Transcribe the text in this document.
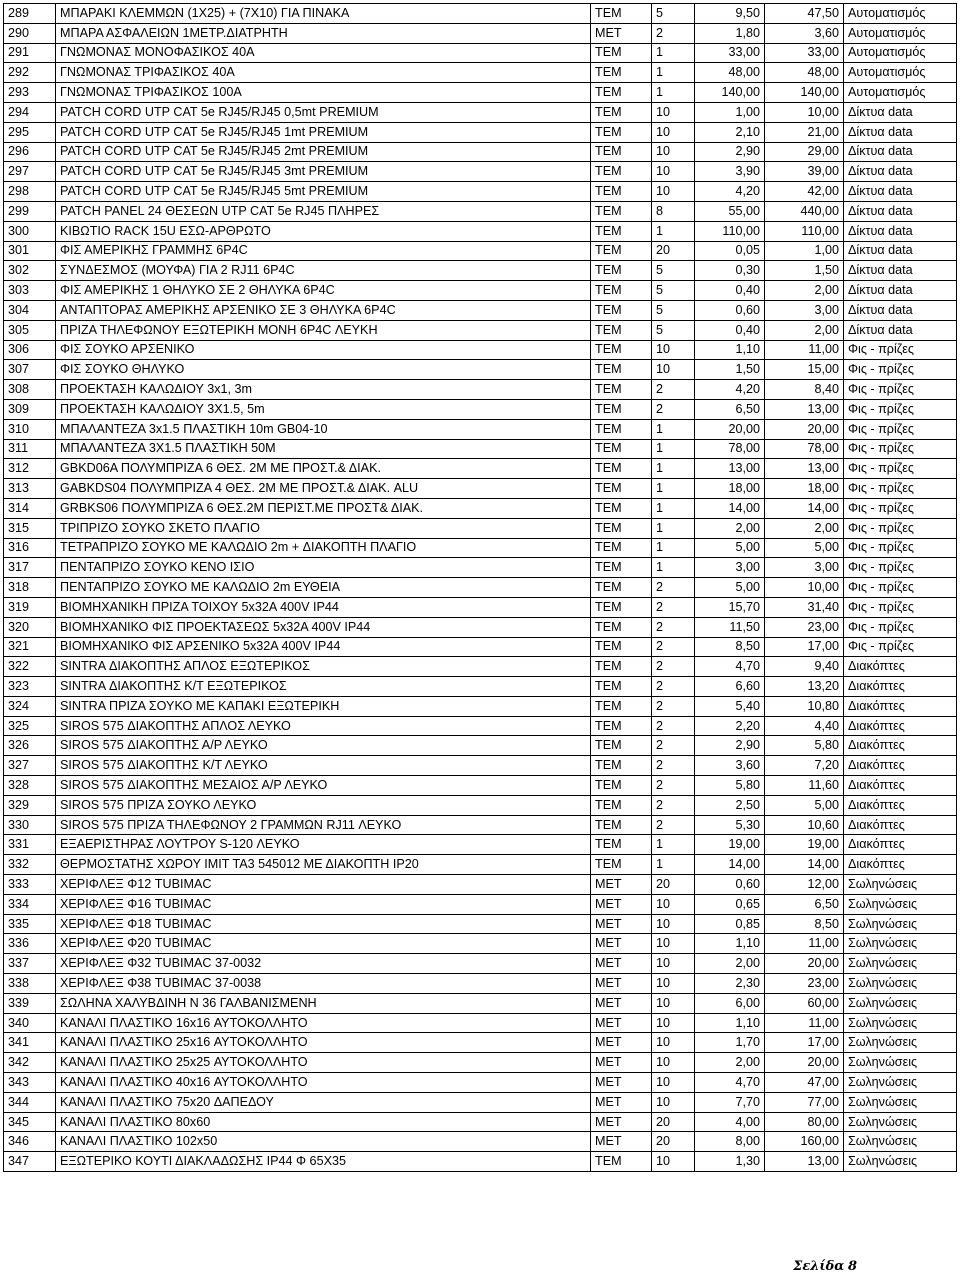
289	ΜΠΑΡΑΚΙ ΚΛΕΜΜΩΝ (1Χ25) + (7Χ10) ΓΙΑ ΠΙΝΑΚΑ	ΤΕΜ	5	9,50	47,50	Αυτοματισμός
290	ΜΠΑΡΑ ΑΣΦΑΛΕΙΩΝ 1ΜΕΤΡ.ΔΙΑΤΡΗΤΗ	ΜΕΤ	2	1,80	3,60	Αυτοματισμός
291	ΓΝΩΜΟΝΑΣ ΜΟΝΟΦΑΣΙΚΟΣ 40Α	ΤΕΜ	1	33,00	33,00	Αυτοματισμός
292	ΓΝΩΜΟΝΑΣ ΤΡΙΦΑΣΙΚΟΣ 40Α	ΤΕΜ	1	48,00	48,00	Αυτοματισμός
293	ΓΝΩΜΟΝΑΣ ΤΡΙΦΑΣΙΚΟΣ 100Α	ΤΕΜ	1	140,00	140,00	Αυτοματισμός
294	PATCH CORD UTP CAT 5e RJ45/RJ45 0,5mt PREMIUM	ΤΕΜ	10	1,00	10,00	Δίκτυα data
295	PATCH CORD UTP CAT 5e RJ45/RJ45 1mt PREMIUM	ΤΕΜ	10	2,10	21,00	Δίκτυα data
296	PATCH CORD UTP CAT 5e RJ45/RJ45 2mt PREMIUM	ΤΕΜ	10	2,90	29,00	Δίκτυα data
297	PATCH CORD UTP CAT 5e RJ45/RJ45 3mt PREMIUM	ΤΕΜ	10	3,90	39,00	Δίκτυα data
298	PATCH CORD UTP CAT 5e RJ45/RJ45 5mt PREMIUM	ΤΕΜ	10	4,20	42,00	Δίκτυα data
299	PATCH PANEL 24 ΘΕΣΕΩΝ UTP CAT 5e RJ45 ΠΛΗΡΕΣ	ΤΕΜ	8	55,00	440,00	Δίκτυα data
300	ΚΙΒΩΤΙΟ RACK 15U ΕΣΩ-ΑΡΘΡΩΤΟ	ΤΕΜ	1	110,00	110,00	Δίκτυα data
301	ΦΙΣ ΑΜΕΡΙΚΗΣ ΓΡΑΜΜΗΣ 6P4C	ΤΕΜ	20	0,05	1,00	Δίκτυα data
302	ΣΥΝΔΕΣΜΟΣ (ΜΟΥΦΑ) ΓΙΑ 2 RJ11 6P4C	ΤΕΜ	5	0,30	1,50	Δίκτυα data
303	ΦΙΣ ΑΜΕΡΙΚΗΣ 1 ΘΗΛΥΚΟ ΣΕ 2 ΘΗΛΥΚΑ 6P4C	ΤΕΜ	5	0,40	2,00	Δίκτυα data
304	ΑΝΤΑΠΤΟΡΑΣ ΑΜΕΡΙΚΗΣ ΑΡΣΕΝΙΚΟ ΣΕ 3 ΘΗΛΥΚΑ 6P4C	ΤΕΜ	5	0,60	3,00	Δίκτυα data
305	ΠΡΙΖΑ ΤΗΛΕΦΩΝΟΥ ΕΞΩΤΕΡΙΚΗ ΜΟΝΗ 6P4C ΛΕΥΚΗ	ΤΕΜ	5	0,40	2,00	Δίκτυα data
306	ΦΙΣ ΣΟΥΚΟ ΑΡΣΕΝΙΚΟ	ΤΕΜ	10	1,10	11,00	Φις - πρίζες
307	ΦΙΣ ΣΟΥΚΟ ΘΗΛΥΚΟ	ΤΕΜ	10	1,50	15,00	Φις - πρίζες
308	ΠΡΟΕΚΤΑΣΗ ΚΑΛΩΔΙΟΥ 3x1, 3m	ΤΕΜ	2	4,20	8,40	Φις - πρίζες
309	ΠΡΟΕΚΤΑΣΗ ΚΑΛΩΔΙΟΥ 3Χ1.5, 5m	ΤΕΜ	2	6,50	13,00	Φις - πρίζες
310	ΜΠΑΛΑΝΤΕΖΑ 3x1.5 ΠΛΑΣΤΙΚΗ 10m GB04-10	ΤΕΜ	1	20,00	20,00	Φις - πρίζες
311	ΜΠΑΛΑΝΤΕΖΑ 3Χ1.5 ΠΛΑΣΤΙΚΗ 50Μ	ΤΕΜ	1	78,00	78,00	Φις - πρίζες
312	GBKD06A ΠΟΛΥΜΠΡΙΖΑ 6 ΘΕΣ. 2Μ ΜΕ ΠΡΟΣΤ.& ΔΙΑΚ.	ΤΕΜ	1	13,00	13,00	Φις - πρίζες
313	GABKDS04 ΠΟΛΥΜΠΡΙΖΑ 4 ΘΕΣ. 2Μ ΜΕ ΠΡΟΣΤ.& ΔΙΑΚ. ALU	ΤΕΜ	1	18,00	18,00	Φις - πρίζες
314	GRBKS06 ΠΟΛΥΜΠΡΙΖΑ 6 ΘΕΣ.2Μ ΠΕΡΙΣΤ.ΜΕ ΠΡΟΣΤ& ΔΙΑΚ.	ΤΕΜ	1	14,00	14,00	Φις - πρίζες
315	ΤΡΙΠΡΙΖΟ ΣΟΥΚΟ ΣΚΕΤΟ ΠΛΑΓΙΟ	ΤΕΜ	1	2,00	2,00	Φις - πρίζες
316	ΤΕΤΡΑΠΡΙΖΟ ΣΟΥΚΟ ΜΕ ΚΑΛΩΔΙΟ 2m + ΔΙΑΚΟΠΤΗ ΠΛΑΓΙΟ	ΤΕΜ	1	5,00	5,00	Φις - πρίζες
317	ΠΕΝΤΑΠΡΙΖΟ ΣΟΥΚΟ ΚΕΝΟ ΙΣΙΟ	ΤΕΜ	1	3,00	3,00	Φις - πρίζες
318	ΠΕΝΤΑΠΡΙΖΟ ΣΟΥΚΟ ΜΕ ΚΑΛΩΔΙΟ 2m ΕΥΘΕΙΑ	ΤΕΜ	2	5,00	10,00	Φις - πρίζες
319	ΒΙΟΜΗΧΑΝΙΚΗ ΠΡΙΖΑ ΤΟΙΧΟΥ 5x32A 400V IP44	ΤΕΜ	2	15,70	31,40	Φις - πρίζες
320	ΒΙΟΜΗΧΑΝΙΚΟ ΦΙΣ ΠΡΟΕΚΤΑΣΕΩΣ 5x32A 400V IP44	ΤΕΜ	2	11,50	23,00	Φις - πρίζες
321	ΒΙΟΜΗΧΑΝΙΚΟ ΦΙΣ ΑΡΣΕΝΙΚΟ 5x32A 400V IP44	ΤΕΜ	2	8,50	17,00	Φις - πρίζες
322	SINTRA ΔΙΑΚΟΠΤΗΣ ΑΠΛΟΣ ΕΞΩΤΕΡΙΚΟΣ	ΤΕΜ	2	4,70	9,40	Διακόπτες
323	SINTRA ΔΙΑΚΟΠΤΗΣ Κ/Τ ΕΞΩΤΕΡΙΚΟΣ	ΤΕΜ	2	6,60	13,20	Διακόπτες
324	SINTRA ΠΡΙΖΑ ΣΟΥΚΟ ΜΕ ΚΑΠΑΚΙ ΕΞΩΤΕΡΙΚΗ	ΤΕΜ	2	5,40	10,80	Διακόπτες
325	SIROS 575 ΔΙΑΚΟΠΤΗΣ ΑΠΛΟΣ ΛΕΥΚΟ	ΤΕΜ	2	2,20	4,40	Διακόπτες
326	SIROS 575 ΔΙΑΚΟΠΤΗΣ Α/Ρ ΛΕΥΚΟ	ΤΕΜ	2	2,90	5,80	Διακόπτες
327	SIROS 575 ΔΙΑΚΟΠΤΗΣ Κ/Τ ΛΕΥΚΟ	ΤΕΜ	2	3,60	7,20	Διακόπτες
328	SIROS 575 ΔΙΑΚΟΠΤΗΣ ΜΕΣΑΙΟΣ Α/Ρ ΛΕΥΚΟ	ΤΕΜ	2	5,80	11,60	Διακόπτες
329	SIROS 575 ΠΡΙΖΑ ΣΟΥΚΟ ΛΕΥΚΟ	ΤΕΜ	2	2,50	5,00	Διακόπτες
330	SIROS 575 ΠΡΙΖΑ ΤΗΛΕΦΩΝΟΥ 2 ΓΡΑΜΜΩΝ RJ11 ΛΕΥΚΟ	ΤΕΜ	2	5,30	10,60	Διακόπτες
331	ΕΞΑΕΡΙΣΤΗΡΑΣ ΛΟΥΤΡΟΥ S-120 ΛΕΥΚΟ	ΤΕΜ	1	19,00	19,00	Διακόπτες
332	ΘΕΡΜΟΣΤΑΤΗΣ ΧΩΡΟΥ IMIT TA3 545012 ΜΕ ΔΙΑΚΟΠΤΗ IP20	ΤΕΜ	1	14,00	14,00	Διακόπτες
333	ΧΕΡΙΦΛΕΞ Φ12 TUBIMAC	ΜΕΤ	20	0,60	12,00	Σωληνώσεις
334	ΧΕΡΙΦΛΕΞ Φ16 TUBIMAC	ΜΕΤ	10	0,65	6,50	Σωληνώσεις
335	ΧΕΡΙΦΛΕΞ Φ18 TUBIMAC	ΜΕΤ	10	0,85	8,50	Σωληνώσεις
336	ΧΕΡΙΦΛΕΞ Φ20 TUBIMAC	ΜΕΤ	10	1,10	11,00	Σωληνώσεις
337	ΧΕΡΙΦΛΕΞ Φ32 TUBIMAC 37-0032	ΜΕΤ	10	2,00	20,00	Σωληνώσεις
338	ΧΕΡΙΦΛΕΞ Φ38 TUBIMAC 37-0038	ΜΕΤ	10	2,30	23,00	Σωληνώσεις
339	ΣΩΛΗΝΑ ΧΑΛΥΒΔΙΝΗ Ν 36 ΓΑΛΒΑΝΙΣΜΕΝΗ	ΜΕΤ	10	6,00	60,00	Σωληνώσεις
340	ΚΑΝΑΛΙ ΠΛΑΣΤΙΚΟ 16x16 ΑΥΤΟΚΟΛΛΗΤΟ	ΜΕΤ	10	1,10	11,00	Σωληνώσεις
341	ΚΑΝΑΛΙ ΠΛΑΣΤΙΚΟ 25x16 ΑΥΤΟΚΟΛΛΗΤΟ	ΜΕΤ	10	1,70	17,00	Σωληνώσεις
342	ΚΑΝΑΛΙ ΠΛΑΣΤΙΚΟ 25x25 ΑΥΤΟΚΟΛΛΗΤΟ	ΜΕΤ	10	2,00	20,00	Σωληνώσεις
343	ΚΑΝΑΛΙ ΠΛΑΣΤΙΚΟ 40x16 ΑΥΤΟΚΟΛΛΗΤΟ	ΜΕΤ	10	4,70	47,00	Σωληνώσεις
344	ΚΑΝΑΛΙ ΠΛΑΣΤΙΚΟ 75x20 ΔΑΠΕΔΟΥ	ΜΕΤ	10	7,70	77,00	Σωληνώσεις
345	ΚΑΝΑΛΙ ΠΛΑΣΤΙΚΟ 80x60	ΜΕΤ	20	4,00	80,00	Σωληνώσεις
346	ΚΑΝΑΛΙ ΠΛΑΣΤΙΚΟ 102x50	ΜΕΤ	20	8,00	160,00	Σωληνώσεις
347	ΕΞΩΤΕΡΙΚΟ ΚΟΥΤΙ ΔΙΑΚΛΑΔΩΣΗΣ IP44 Φ 65Χ35	ΤΕΜ	10	1,30	13,00	Σωληνώσεις
Σελίδα 8
